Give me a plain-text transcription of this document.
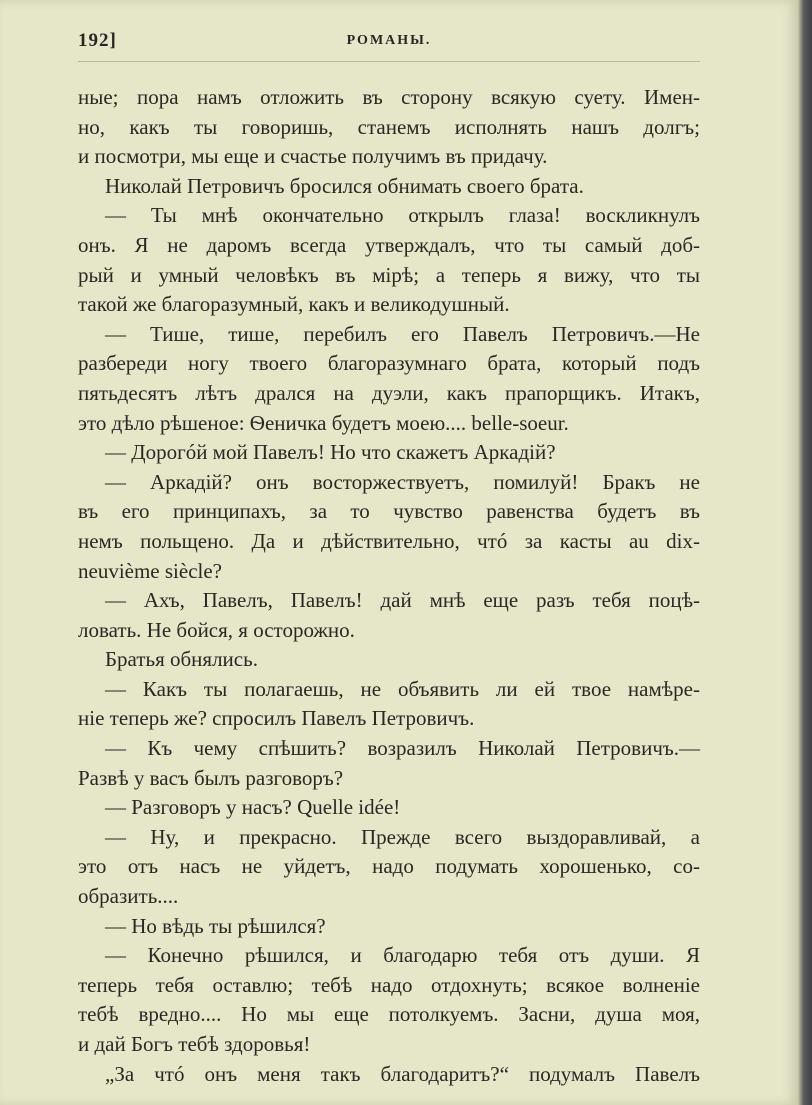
192]	РОМАНЫ.
ные; пора намъ отложить въ сторону всякую суету. Имен-
но, какъ ты говоришь, станемъ исполнять нашъ долгъ;
и посмотри, мы еще и счастье получимъ въ придачу.
Николай Петровичъ бросился обнимать своего брата.
— Ты мнѣ окончательно открылъ глаза! воскликнулъ
онъ. Я не даромъ всегда утверждалъ, что ты самый доб-
рый и умный человѣкъ въ мірѣ; а теперь я вижу, что ты
такой же благоразумный, какъ и великодушный.
— Тише, тише, перебилъ его Павелъ Петровичъ.—Не
разбереди ногу твоего благоразумнаго брата, который подъ
пятьдесятъ лѣтъ дрался на дуэли, какъ прапорщикъ. Итакъ,
это дѣло рѣшеное: Ѳеничка будетъ моею.... belle-soeur.
— Дорогóй мой Павелъ! Но что скажетъ Аркадій?
— Аркадій? онъ восторжествуетъ, помилуй! Бракъ не
въ его принципахъ, за то чувство равенства будетъ въ
немъ польщено. Да и дѣйствительно, чтó за касты au dix-
neuvième siècle?
— Ахъ, Павелъ, Павелъ! дай мнѣ еще разъ тебя поцѣ-
ловать. Не бойся, я осторожно.
Братья обнялись.
— Какъ ты полагаешь, не объявить ли ей твое намѣре-
ніе теперь же? спросилъ Павелъ Петровичъ.
— Къ чему спѣшить? возразилъ Николай Петровичъ.—
Развѣ у васъ былъ разговоръ?
— Разговоръ у насъ? Quelle idée!
— Ну, и прекрасно. Прежде всего выздоравливай, а
это отъ насъ не уйдетъ, надо подумать хорошенько, со-
образить....
— Но вѣдь ты рѣшился?
— Конечно рѣшился, и благодарю тебя отъ души. Я
теперь тебя оставлю; тебѣ надо отдохнуть; всякое волненіе
тебѣ вредно.... Но мы еще потолкуемъ. Засни, душа моя,
и дай Богъ тебѣ здоровья!
„За чтó онъ меня такъ благодаритъ?“ подумалъ Павелъ
